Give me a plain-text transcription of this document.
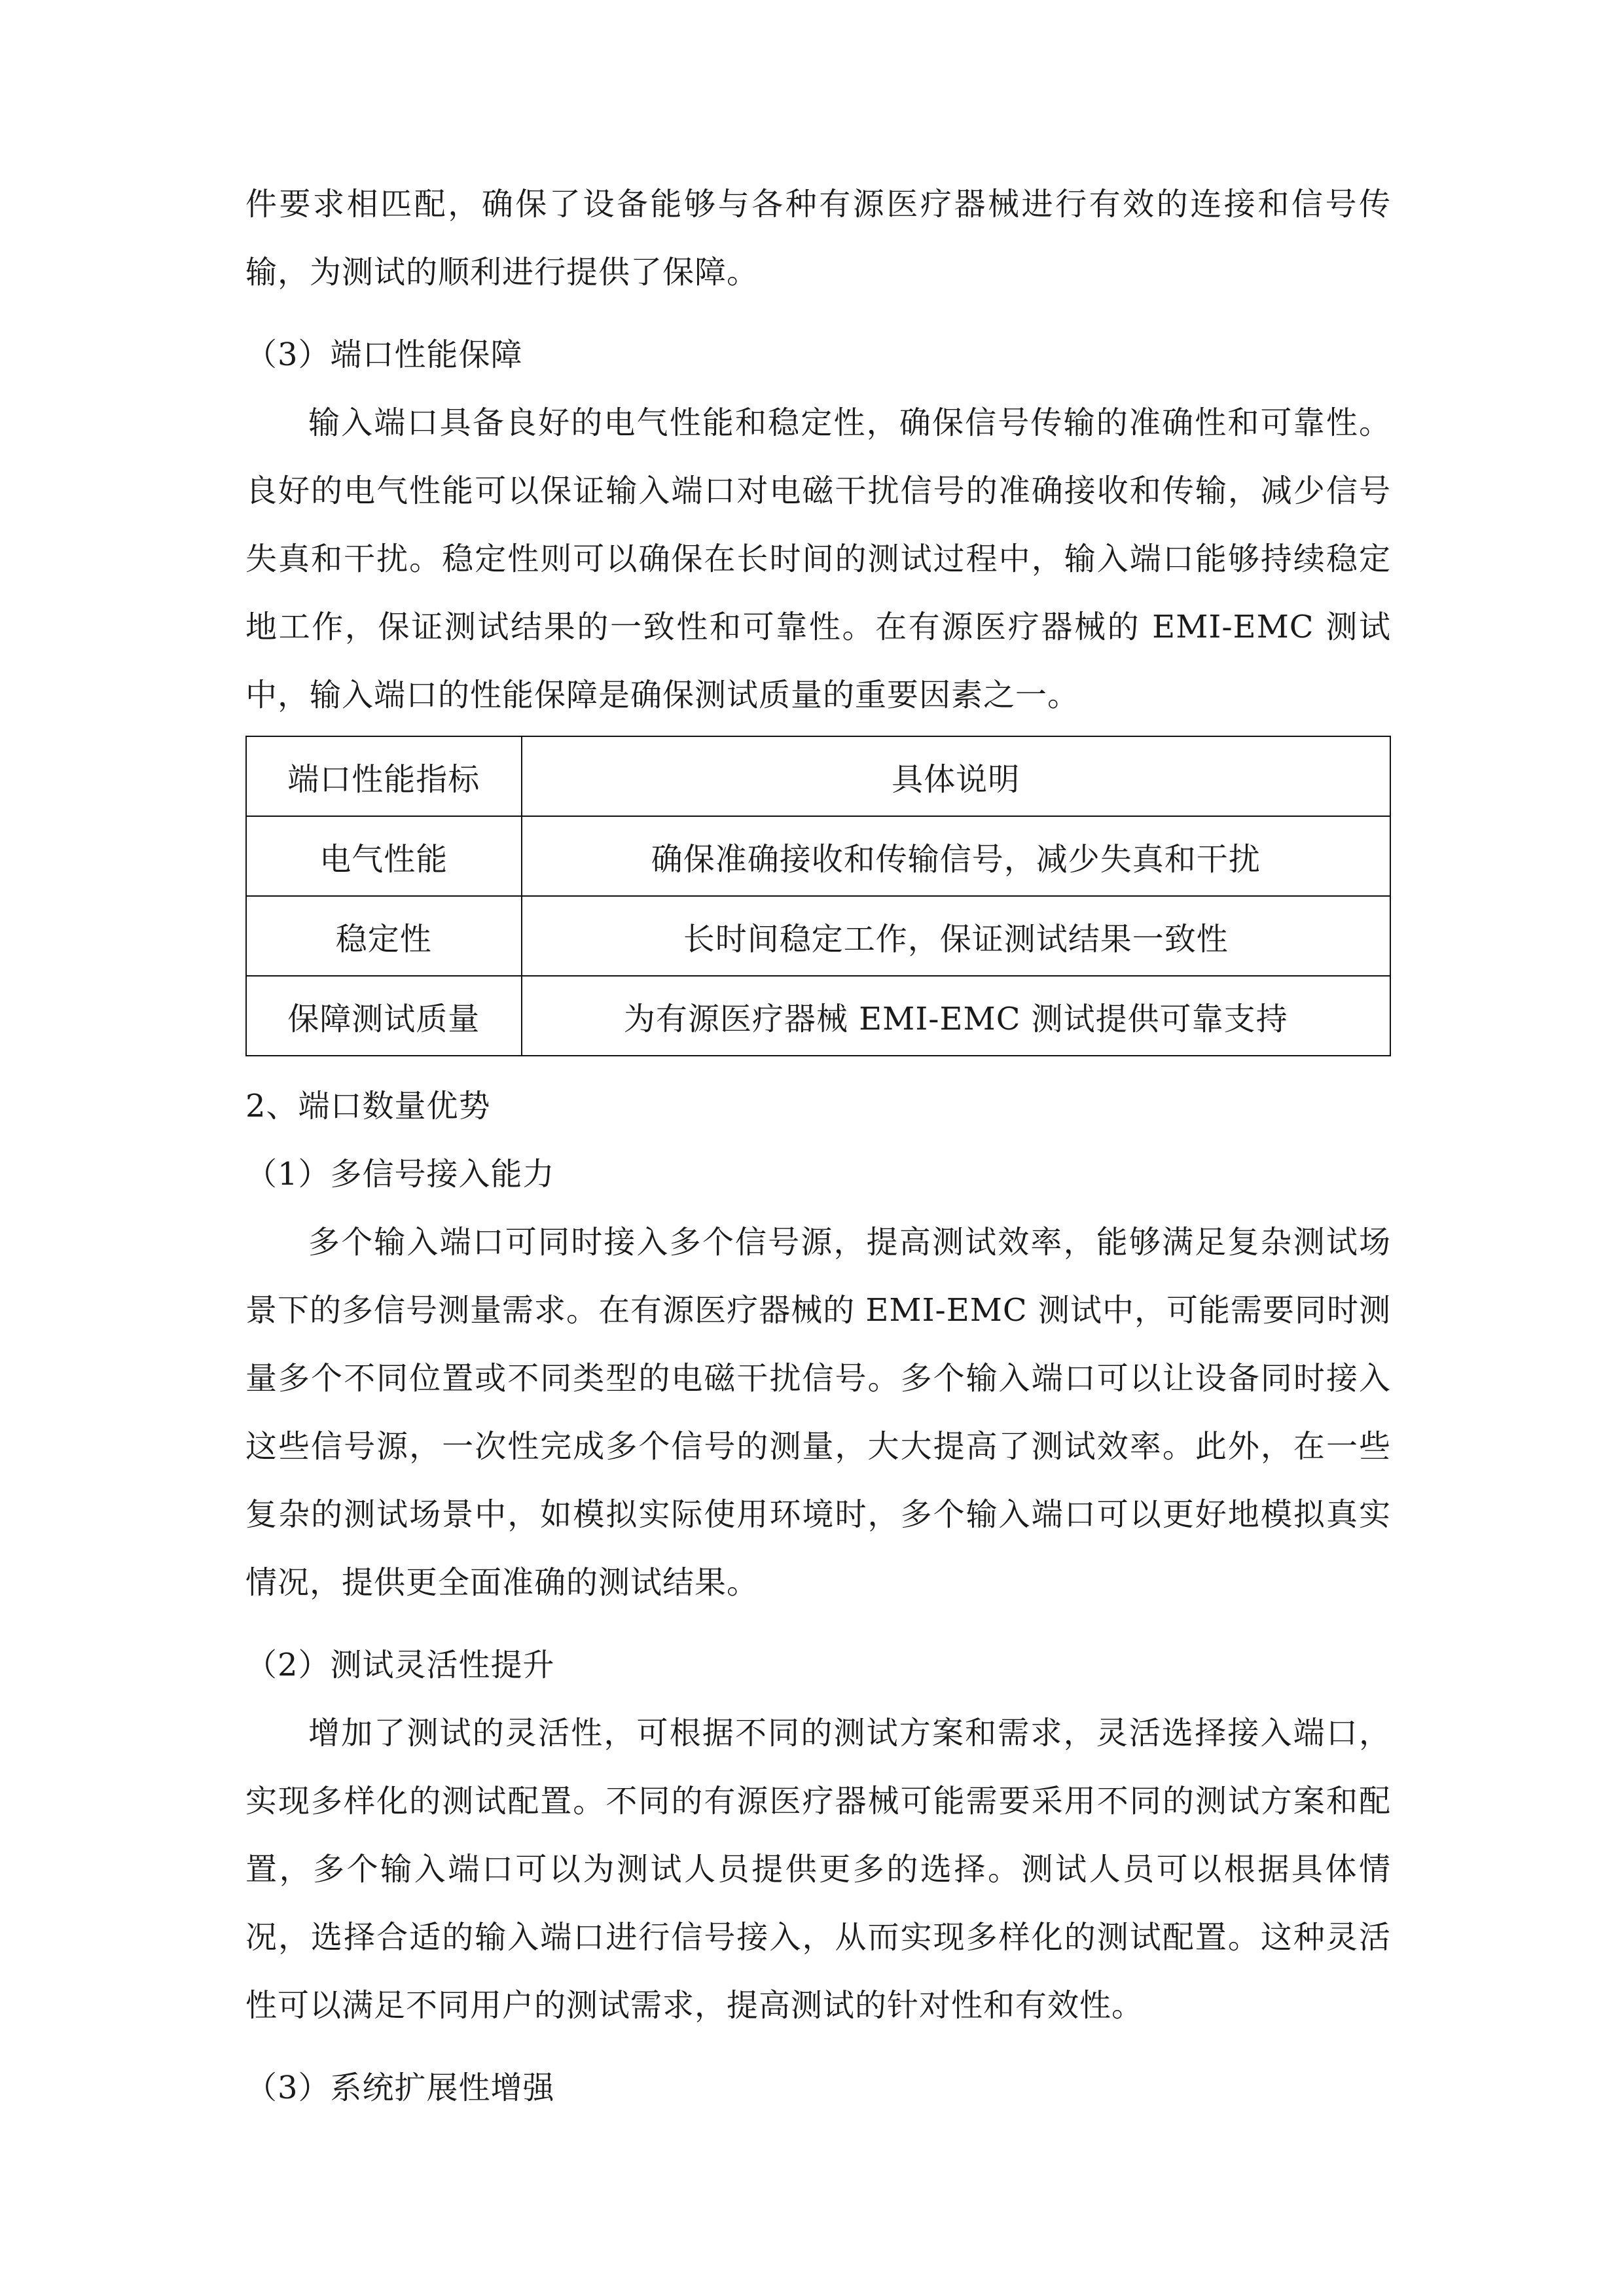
件要求相匹配，确保了设备能够与各种有源医疗器械进行有效的连接和信号传输，为测试的顺利进行提供了保障。

（3）端口性能保障

输入端口具备良好的电气性能和稳定性，确保信号传输的准确性和可靠性。良好的电气性能可以保证输入端口对电磁干扰信号的准确接收和传输，减少信号失真和干扰。稳定性则可以确保在长时间的测试过程中，输入端口能够持续稳定地工作，保证测试结果的一致性和可靠性。在有源医疗器械的 EMI-EMC 测试中，输入端口的性能保障是确保测试质量的重要因素之一。

端口性能指标	具体说明
电气性能	确保准确接收和传输信号，减少失真和干扰
稳定性	长时间稳定工作，保证测试结果一致性
保障测试质量	为有源医疗器械 EMI-EMC 测试提供可靠支持

2、端口数量优势

（1）多信号接入能力

多个输入端口可同时接入多个信号源，提高测试效率，能够满足复杂测试场景下的多信号测量需求。在有源医疗器械的 EMI-EMC 测试中，可能需要同时测量多个不同位置或不同类型的电磁干扰信号。多个输入端口可以让设备同时接入这些信号源，一次性完成多个信号的测量，大大提高了测试效率。此外，在一些复杂的测试场景中，如模拟实际使用环境时，多个输入端口可以更好地模拟真实情况，提供更全面准确的测试结果。

（2）测试灵活性提升

增加了测试的灵活性，可根据不同的测试方案和需求，灵活选择接入端口，实现多样化的测试配置。不同的有源医疗器械可能需要采用不同的测试方案和配置，多个输入端口可以为测试人员提供更多的选择。测试人员可以根据具体情况，选择合适的输入端口进行信号接入，从而实现多样化的测试配置。这种灵活性可以满足不同用户的测试需求，提高测试的针对性和有效性。

（3）系统扩展性增强
